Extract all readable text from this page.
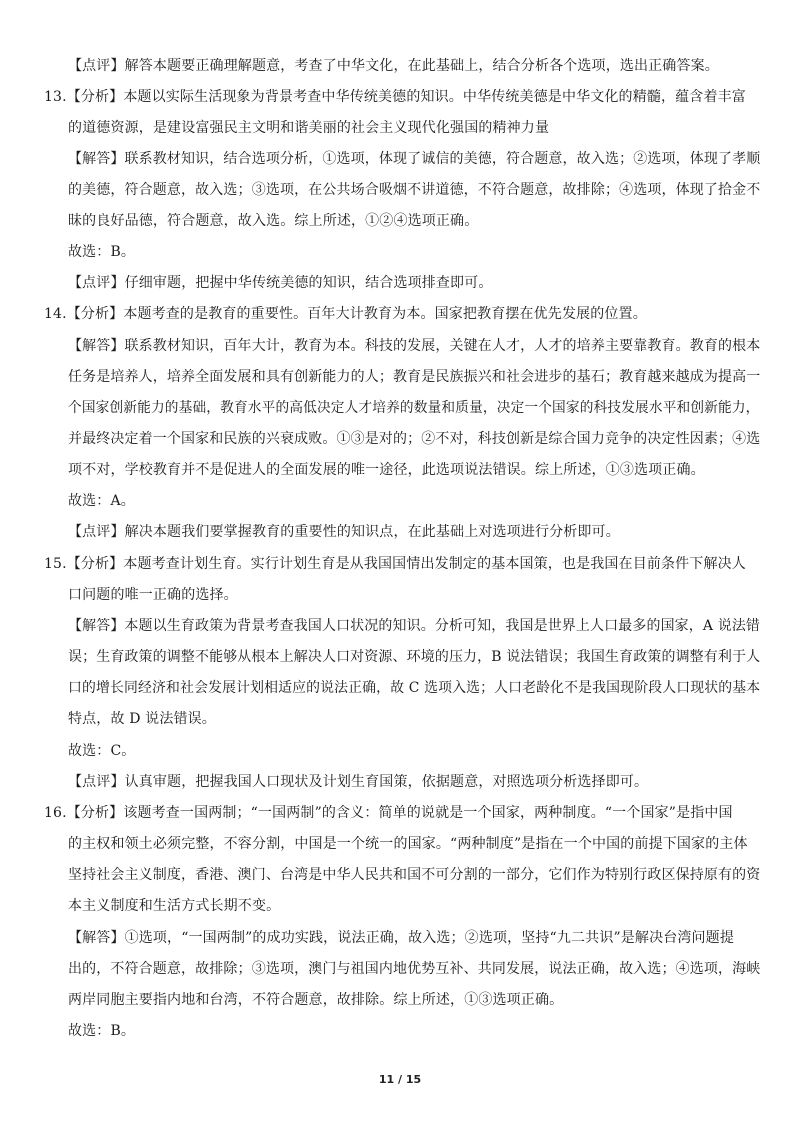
【点评】解答本题要正确理解题意，考查了中华文化，在此基础上，结合分析各个选项，选出正确答案。
13.【分析】本题以实际生活现象为背景考查中华传统美德的知识。中华传统美德是中华文化的精髓，蕴含着丰富
的道德资源，是建设富强民主文明和谐美丽的社会主义现代化强国的精神力量
【解答】联系教材知识，结合选项分析，①选项，体现了诚信的美德，符合题意，故入选；②选项，体现了孝顺
的美德，符合题意，故入选；③选项，在公共场合吸烟不讲道德，不符合题意，故排除；④选项，体现了拾金不
昧的良好品德，符合题意，故入选。综上所述，①②④选项正确。
故选：B。
【点评】仔细审题，把握中华传统美德的知识，结合选项排查即可。
14.【分析】本题考查的是教育的重要性。百年大计教育为本。国家把教育摆在优先发展的位置。
【解答】联系教材知识，百年大计，教育为本。科技的发展，关键在人才，人才的培养主要靠教育。教育的根本
任务是培养人，培养全面发展和具有创新能力的人；教育是民族振兴和社会进步的基石；教育越来越成为提高一
个国家创新能力的基础，教育水平的高低决定人才培养的数量和质量，决定一个国家的科技发展水平和创新能力，
并最终决定着一个国家和民族的兴衰成败。①③是对的；②不对，科技创新是综合国力竞争的决定性因素；④选
项不对，学校教育并不是促进人的全面发展的唯一途径，此选项说法错误。综上所述，①③选项正确。
故选：A。
【点评】解决本题我们要掌握教育的重要性的知识点，在此基础上对选项进行分析即可。
15.【分析】本题考查计划生育。实行计划生育是从我国国情出发制定的基本国策，也是我国在目前条件下解决人
口问题的唯一正确的选择。
【解答】本题以生育政策为背景考查我国人口状况的知识。分析可知，我国是世界上人口最多的国家，A 说法错
误；生育政策的调整不能够从根本上解决人口对资源、环境的压力，B 说法错误；我国生育政策的调整有利于人
口的增长同经济和社会发展计划相适应的说法正确，故 C 选项入选；人口老龄化不是我国现阶段人口现状的基本
特点，故 D 说法错误。
故选：C。
【点评】认真审题，把握我国人口现状及计划生育国策，依据题意，对照选项分析选择即可。
16.【分析】该题考查一国两制；“一国两制”的含义：简单的说就是一个国家，两种制度。“一个国家”是指中国
的主权和领土必须完整，不容分割，中国是一个统一的国家。“两种制度”是指在一个中国的前提下国家的主体
坚持社会主义制度，香港、澳门、台湾是中华人民共和国不可分割的一部分，它们作为特别行政区保持原有的资
本主义制度和生活方式长期不变。
【解答】①选项，“一国两制”的成功实践，说法正确，故入选；②选项，坚持“九二共识”是解决台湾问题提
出的，不符合题意，故排除；③选项，澳门与祖国内地优势互补、共同发展，说法正确，故入选；④选项，海峡
两岸同胞主要指内地和台湾，不符合题意，故排除。综上所述，①③选项正确。
故选：B。
11 / 15
